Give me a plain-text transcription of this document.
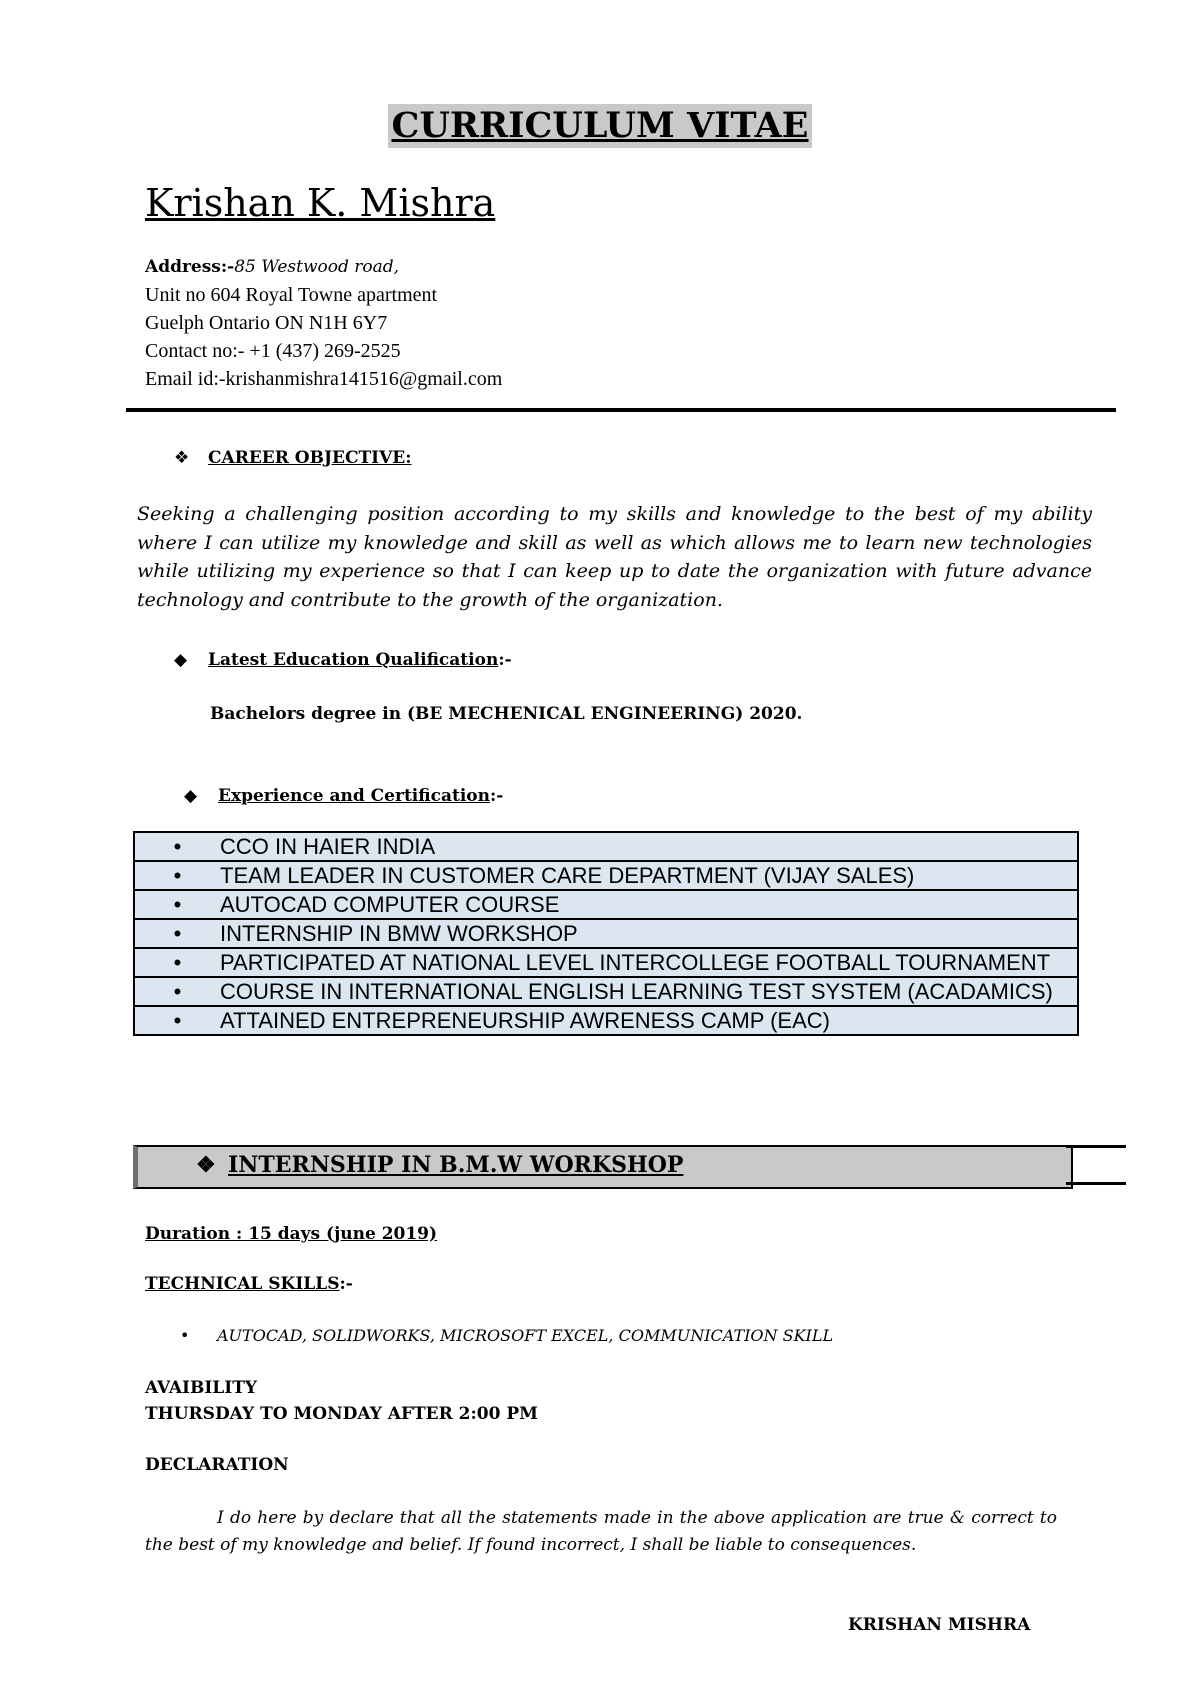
CURRICULUM VITAE
Krishan K. Mishra
Address:-85 Westwood road,
Unit no 604 Royal Towne apartment
Guelph Ontario ON N1H 6Y7
Contact no:- +1 (437) 269-2525
Email id:-krishanmishra141516@gmail.com
❖ CAREER OBJECTIVE:
Seeking a challenging position according to my skills and knowledge to the best of my ability where I can utilize my knowledge and skill as well as which allows me to learn new technologies while utilizing my experience so that I can keep up to date the organization with future advance technology and contribute to the growth of the organization.
◆ Latest Education Qualification:-
Bachelors degree in (BE MECHENICAL ENGINEERING) 2020.
◆ Experience and Certification:-
•	CCO IN HAIER INDIA

•	TEAM LEADER IN CUSTOMER CARE DEPARTMENT (VIJAY SALES)

•	AUTOCAD COMPUTER COURSE

•	INTERNSHIP IN BMW WORKSHOP

•	PARTICIPATED AT NATIONAL LEVEL INTERCOLLEGE FOOTBALL TOURNAMENT

•	COURSE IN INTERNATIONAL ENGLISH LEARNING TEST SYSTEM (ACADAMICS)

•	ATTAINED ENTREPRENEURSHIP AWRENESS CAMP (EAC)
❖ INTERNSHIP IN B.M.W WORKSHOP
Duration : 15 days (june 2019)
TECHNICAL SKILLS:-
• AUTOCAD, SOLIDWORKS, MICROSOFT EXCEL, COMMUNICATION SKILL
AVAIBILITY
THURSDAY TO MONDAY AFTER 2:00 PM
DECLARATION
I do here by declare that all the statements made in the above application are true & correct to the best of my knowledge and belief. If found incorrect, I shall be liable to consequences.
KRISHAN MISHRA
